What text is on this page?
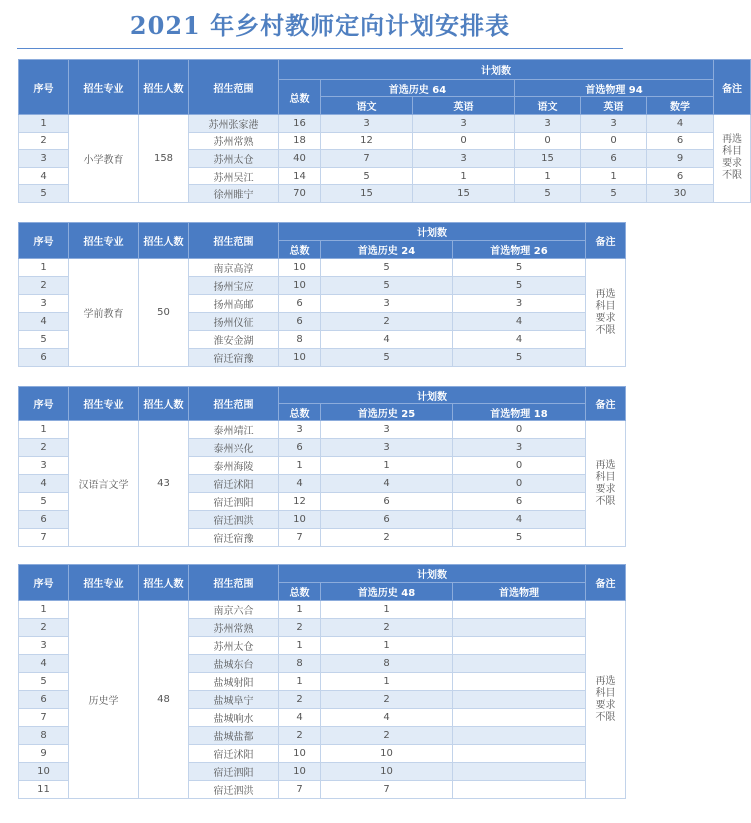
2021 年乡村教师定向计划安排表
序号	招生专业	招生人数	招生范围	计划数						备注
				总数	首选历史 64		首选物理 94			
					语文	英语	语文	英语	数学	
1	小学教育	158	苏州张家港	16	3	3	3	3	4	再选科目要求不限
2			苏州常熟	18	12	0	0	0	6	
3			苏州太仓	40	7	3	15	6	9	
4			苏州吴江	14	5	1	1	1	6	
5			徐州睢宁	70	15	15	5	5	30	
序号	招生专业	招生人数	招生范围	计划数			备注
				总数	首选历史 24	首选物理 26	
1	学前教育	50	南京高淳	10	5	5	再选科目要求不限
2			扬州宝应	10	5	5	
3			扬州高邮	6	3	3	
4			扬州仪征	6	2	4	
5			淮安金湖	8	4	4	
6			宿迁宿豫	10	5	5	
序号	招生专业	招生人数	招生范围	计划数			备注
				总数	首选历史 25	首选物理 18	
1	汉语言文学	43	泰州靖江	3	3	0	再选科目要求不限
2			泰州兴化	6	3	3	
3			泰州海陵	1	1	0	
4			宿迁沭阳	4	4	0	
5			宿迁泗阳	12	6	6	
6			宿迁泗洪	10	6	4	
7			宿迁宿豫	7	2	5	
序号	招生专业	招生人数	招生范围	计划数			备注
				总数	首选历史 48	首选物理	
1	历史学	48	南京六合	1	1		再选科目要求不限
2			苏州常熟	2	2		
3			苏州太仓	1	1		
4			盐城东台	8	8		
5			盐城射阳	1	1		
6			盐城阜宁	2	2		
7			盐城响水	4	4		
8			盐城盐都	2	2		
9			宿迁沭阳	10	10		
10			宿迁泗阳	10	10		
11			宿迁泗洪	7	7		
